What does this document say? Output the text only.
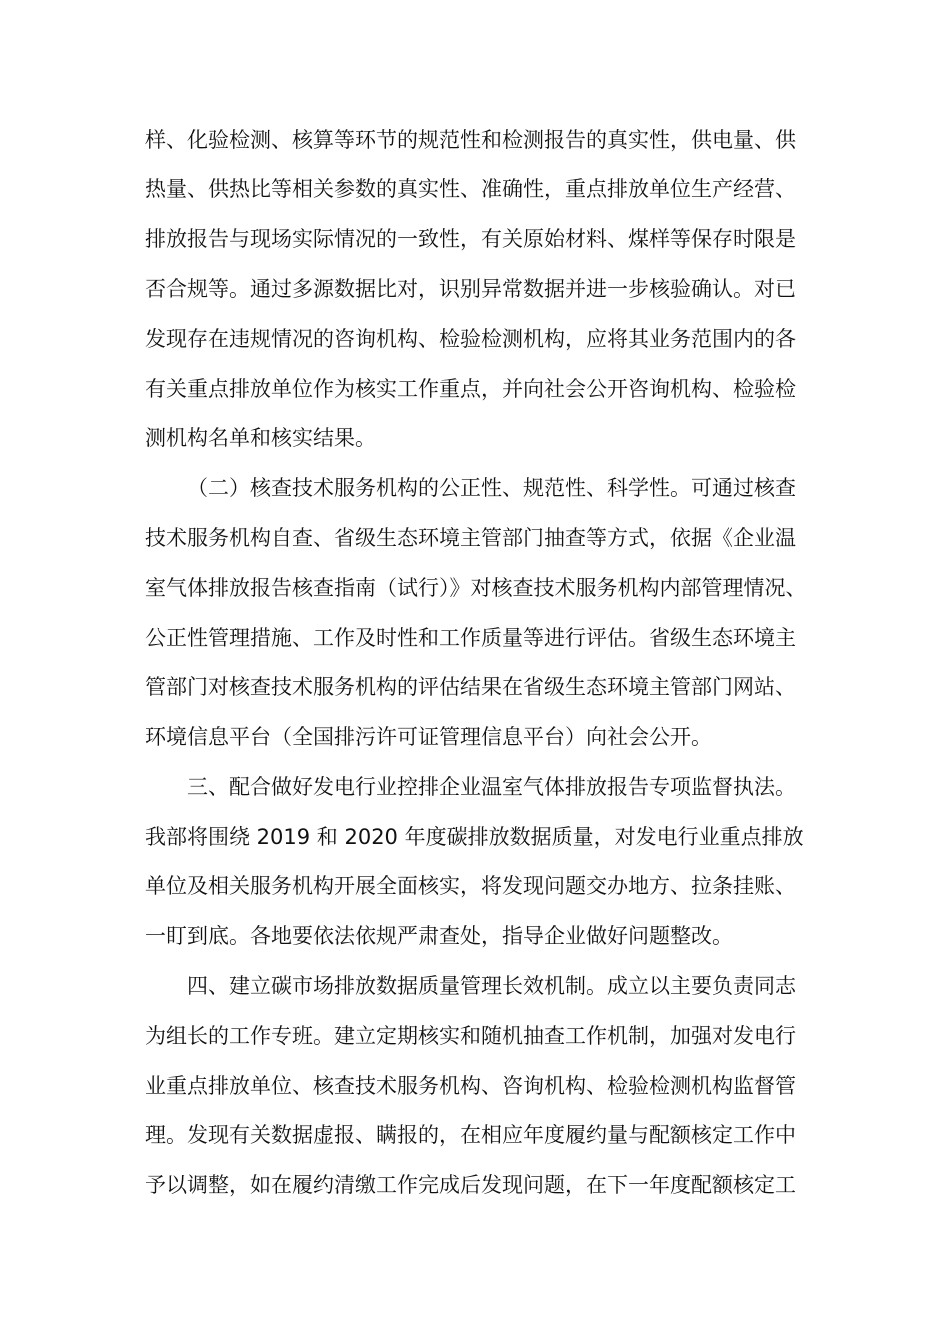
样、化验检测、核算等环节的规范性和检测报告的真实性，供电量、供
热量、供热比等相关参数的真实性、准确性，重点排放单位生产经营、
排放报告与现场实际情况的一致性，有关原始材料、煤样等保存时限是
否合规等。通过多源数据比对，识别异常数据并进一步核验确认。对已
发现存在违规情况的咨询机构、检验检测机构，应将其业务范围内的各
有关重点排放单位作为核实工作重点，并向社会公开咨询机构、检验检
测机构名单和核实结果。
（二）核查技术服务机构的公正性、规范性、科学性。可通过核查
技术服务机构自查、省级生态环境主管部门抽查等方式，依据《企业温
室气体排放报告核查指南（试行）》对核查技术服务机构内部管理情况、
公正性管理措施、工作及时性和工作质量等进行评估。省级生态环境主
管部门对核查技术服务机构的评估结果在省级生态环境主管部门网站、
环境信息平台（全国排污许可证管理信息平台）向社会公开。
三、配合做好发电行业控排企业温室气体排放报告专项监督执法。
我部将围绕 2019 和 2020 年度碳排放数据质量，对发电行业重点排放
单位及相关服务机构开展全面核实，将发现问题交办地方、拉条挂账、
一盯到底。各地要依法依规严肃查处，指导企业做好问题整改。
四、建立碳市场排放数据质量管理长效机制。成立以主要负责同志
为组长的工作专班。建立定期核实和随机抽查工作机制，加强对发电行
业重点排放单位、核查技术服务机构、咨询机构、检验检测机构监督管
理。发现有关数据虚报、瞒报的，在相应年度履约量与配额核定工作中
予以调整，如在履约清缴工作完成后发现问题，在下一年度配额核定工
